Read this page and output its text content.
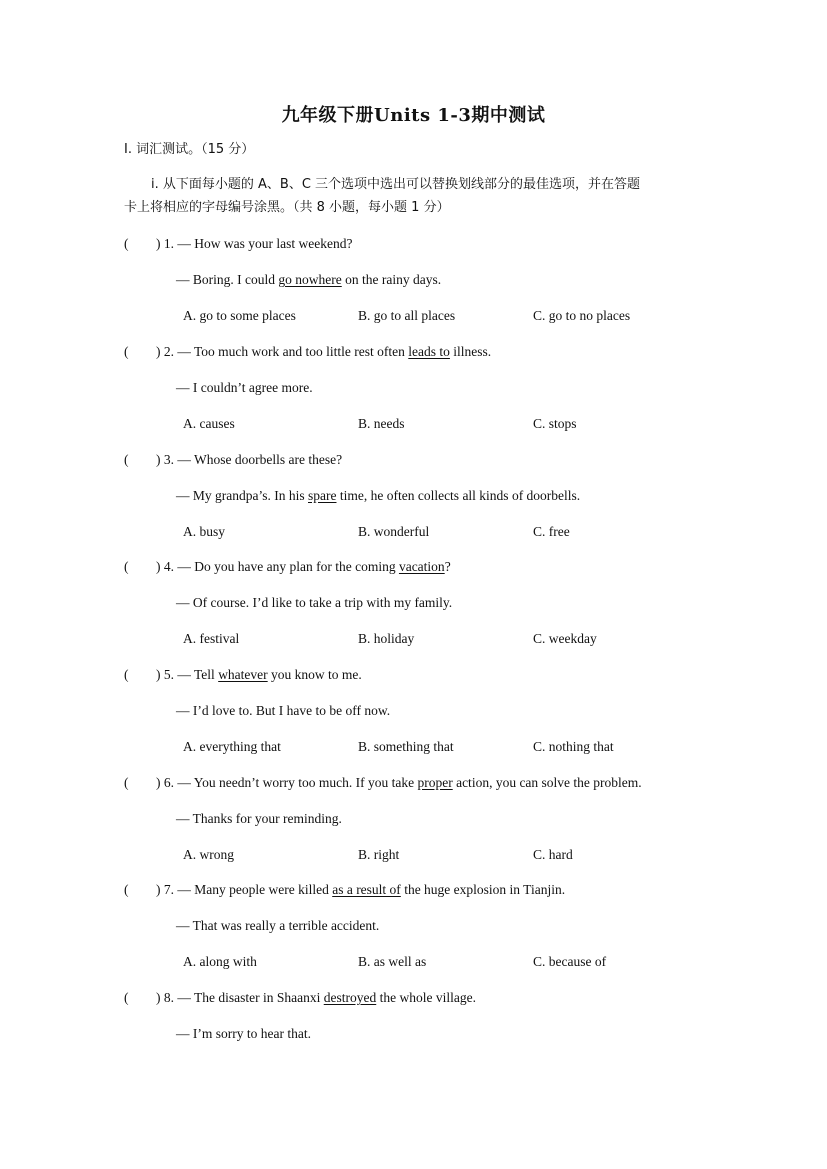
九年级下册Units 1-3期中测试
I. 词汇测试。（15 分）
i. 从下面每小题的 A、B、C 三个选项中选出可以替换划线部分的最佳选项，并在答题
卡上将相应的字母编号涂黑。（共 8 小题，每小题 1 分）
( ) 1. — How was your last weekend?
— Boring. I could go nowhere on the rainy days.
A. go to some places	B. go to all places	C. go to no places
( ) 2. — Too much work and too little rest often leads to illness.
— I couldn’t agree more.
A. causes	B. needs	C. stops
( ) 3. — Whose doorbells are these?
— My grandpa’s. In his spare time, he often collects all kinds of doorbells.
A. busy	B. wonderful	C. free
( ) 4. — Do you have any plan for the coming vacation?
— Of course. I’d like to take a trip with my family.
A. festival	B. holiday	C. weekday
( ) 5. — Tell whatever you know to me.
— I’d love to. But I have to be off now.
A. everything that	B. something that	C. nothing that
( ) 6. — You needn’t worry too much. If you take proper action, you can solve the problem.
— Thanks for your reminding.
A. wrong	B. right	C. hard
( ) 7. — Many people were killed as a result of the huge explosion in Tianjin.
— That was really a terrible accident.
A. along with	B. as well as	C. because of
( ) 8. — The disaster in Shaanxi destroyed the whole village.
— I’m sorry to hear that.
